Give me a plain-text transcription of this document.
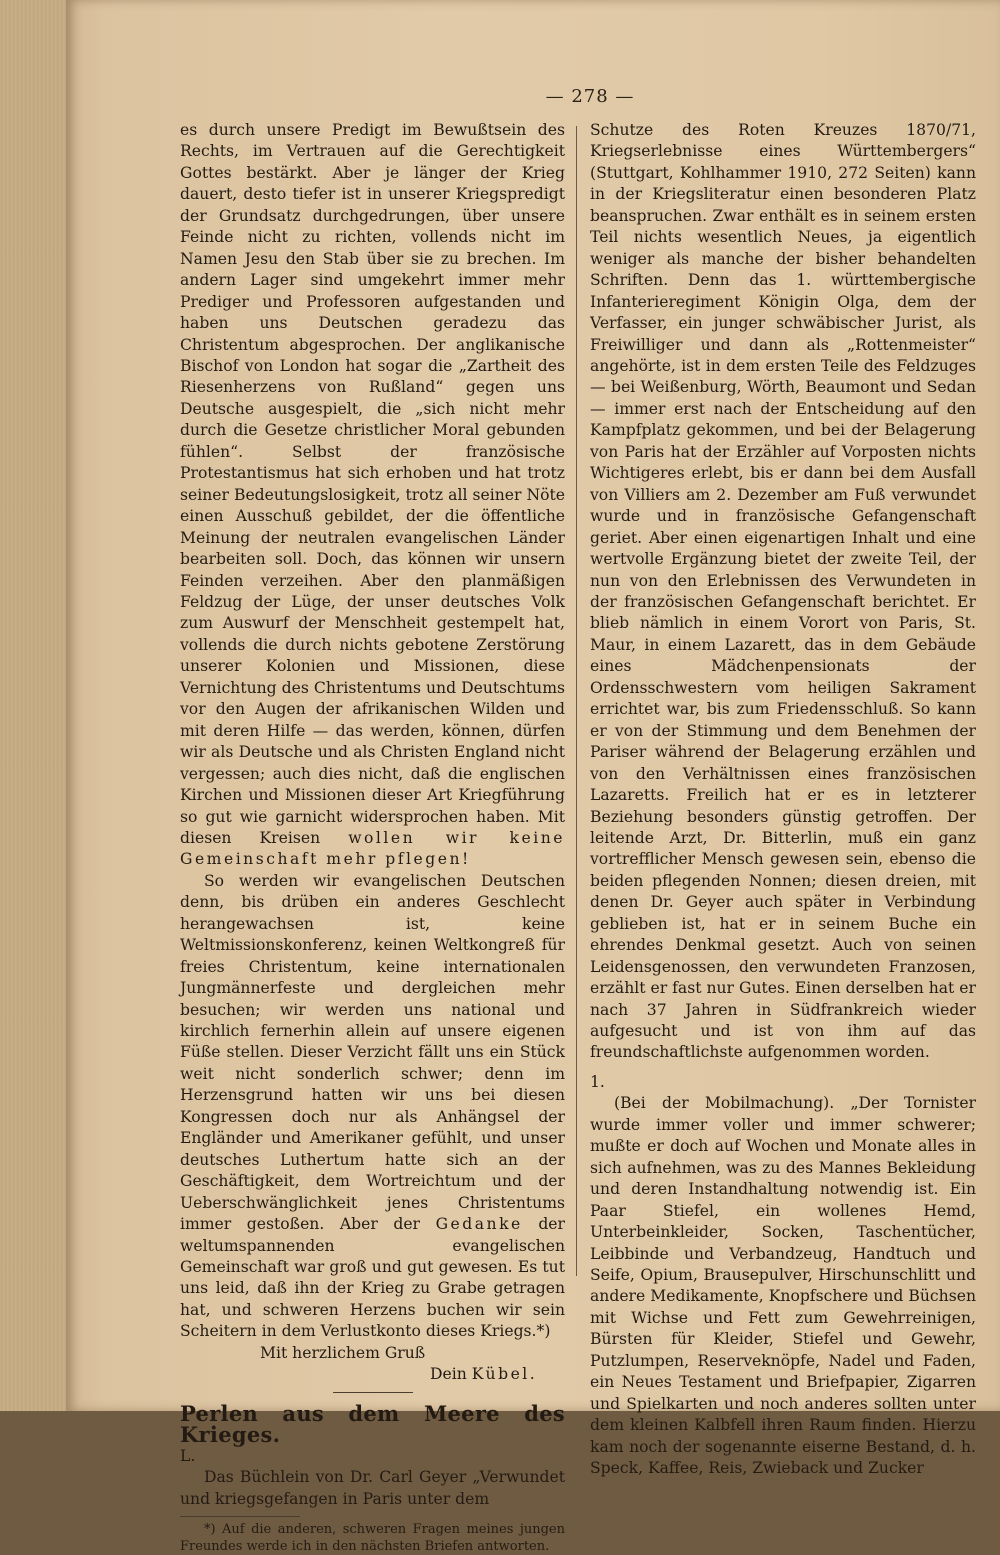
— 278 —

es durch unsere Predigt im Bewußtsein des Rechts, im Vertrauen auf die Gerechtigkeit Gottes bestärkt. Aber je länger der Krieg dauert, desto tiefer ist in unserer Kriegspredigt der Grundsatz durchgedrungen, über unsere Feinde nicht zu richten, vollends nicht im Namen Jesu den Stab über sie zu brechen. Im andern Lager sind umgekehrt immer mehr Prediger und Professoren aufgestanden und haben uns Deutschen geradezu das Christentum abgesprochen. Der anglikanische Bischof von London hat sogar die „Zartheit des Riesenherzens von Rußland“ gegen uns Deutsche ausgespielt, die „sich nicht mehr durch die Gesetze christlicher Moral gebunden fühlen“. Selbst der französische Protestantismus hat sich erhoben und hat trotz seiner Bedeutungslosigkeit, trotz all seiner Nöte einen Ausschuß gebildet, der die öffentliche Meinung der neutralen evangelischen Länder bearbeiten soll. Doch, das können wir unsern Feinden verzeihen. Aber den planmäßigen Feldzug der Lüge, der unser deutsches Volk zum Auswurf der Menschheit gestempelt hat, vollends die durch nichts gebotene Zerstörung unserer Kolonien und Missionen, diese Vernichtung des Christentums und Deutschtums vor den Augen der afrikanischen Wilden und mit deren Hilfe — das werden, können, dürfen wir als Deutsche und als Christen England nicht vergessen; auch dies nicht, daß die englischen Kirchen und Missionen dieser Art Kriegführung so gut wie garnicht widersprochen haben. Mit diesen Kreisen wollen wir keine Gemeinschaft mehr pflegen!

So werden wir evangelischen Deutschen denn, bis drüben ein anderes Geschlecht herangewachsen ist, keine Weltmissionskonferenz, keinen Weltkongreß für freies Christentum, keine internationalen Jungmännerfeste und dergleichen mehr besuchen; wir werden uns national und kirchlich fernerhin allein auf unsere eigenen Füße stellen. Dieser Verzicht fällt uns ein Stück weit nicht sonderlich schwer; denn im Herzensgrund hatten wir uns bei diesen Kongressen doch nur als Anhängsel der Engländer und Amerikaner gefühlt, und unser deutsches Luthertum hatte sich an der Geschäftigkeit, dem Wortreichtum und der Ueberschwänglichkeit jenes Christentums immer gestoßen. Aber der Gedanke der weltumspannenden evangelischen Gemeinschaft war groß und gut gewesen. Es tut uns leid, daß ihn der Krieg zu Grabe getragen hat, und schweren Herzens buchen wir sein Scheitern in dem Verlustkonto dieses Kriegs.*)

Mit herzlichem Gruß
Dein Kübel.

Perlen aus dem Meere des Krieges.

L.

Das Büchlein von Dr. Carl Geyer „Verwundet und kriegsgefangen in Paris unter dem

*) Auf die anderen, schweren Fragen meines jungen Freundes werde ich in den nächsten Briefen antworten.

Schutze des Roten Kreuzes 1870/71, Kriegserlebnisse eines Württembergers“ (Stuttgart, Kohlhammer 1910, 272 Seiten) kann in der Kriegsliteratur einen besonderen Platz beanspruchen. Zwar enthält es in seinem ersten Teil nichts wesentlich Neues, ja eigentlich weniger als manche der bisher behandelten Schriften. Denn das 1. württembergische Infanterieregiment Königin Olga, dem der Verfasser, ein junger schwäbischer Jurist, als Freiwilliger und dann als „Rottenmeister“ angehörte, ist in dem ersten Teile des Feldzuges — bei Weißenburg, Wörth, Beaumont und Sedan — immer erst nach der Entscheidung auf den Kampfplatz gekommen, und bei der Belagerung von Paris hat der Erzähler auf Vorposten nichts Wichtigeres erlebt, bis er dann bei dem Ausfall von Villiers am 2. Dezember am Fuß verwundet wurde und in französische Gefangenschaft geriet. Aber einen eigenartigen Inhalt und eine wertvolle Ergänzung bietet der zweite Teil, der nun von den Erlebnissen des Verwundeten in der französischen Gefangenschaft berichtet. Er blieb nämlich in einem Vorort von Paris, St. Maur, in einem Lazarett, das in dem Gebäude eines Mädchenpensionats der Ordensschwestern vom heiligen Sakrament errichtet war, bis zum Friedensschluß. So kann er von der Stimmung und dem Benehmen der Pariser während der Belagerung erzählen und von den Verhältnissen eines französischen Lazaretts. Freilich hat er es in letzterer Beziehung besonders günstig getroffen. Der leitende Arzt, Dr. Bitterlin, muß ein ganz vortrefflicher Mensch gewesen sein, ebenso die beiden pflegenden Nonnen; diesen dreien, mit denen Dr. Geyer auch später in Verbindung geblieben ist, hat er in seinem Buche ein ehrendes Denkmal gesetzt. Auch von seinen Leidensgenossen, den verwundeten Franzosen, erzählt er fast nur Gutes. Einen derselben hat er nach 37 Jahren in Südfrankreich wieder aufgesucht und ist von ihm auf das freundschaftlichste aufgenommen worden.

1.

(Bei der Mobilmachung). „Der Tornister wurde immer voller und immer schwerer; mußte er doch auf Wochen und Monate alles in sich aufnehmen, was zu des Mannes Bekleidung und deren Instandhaltung notwendig ist. Ein Paar Stiefel, ein wollenes Hemd, Unterbeinkleider, Socken, Taschentücher, Leibbinde und Verbandzeug, Handtuch und Seife, Opium, Brausepulver, Hirschunschlitt und andere Medikamente, Knopfschere und Büchsen mit Wichse und Fett zum Gewehrreinigen, Bürsten für Kleider, Stiefel und Gewehr, Putzlumpen, Reserveknöpfe, Nadel und Faden, ein Neues Testament und Briefpapier, Zigarren und Spielkarten und noch anderes sollten unter dem kleinen Kalbfell ihren Raum finden. Hierzu kam noch der sogenannte eiserne Bestand, d. h. Speck, Kaffee, Reis, Zwieback und Zucker
